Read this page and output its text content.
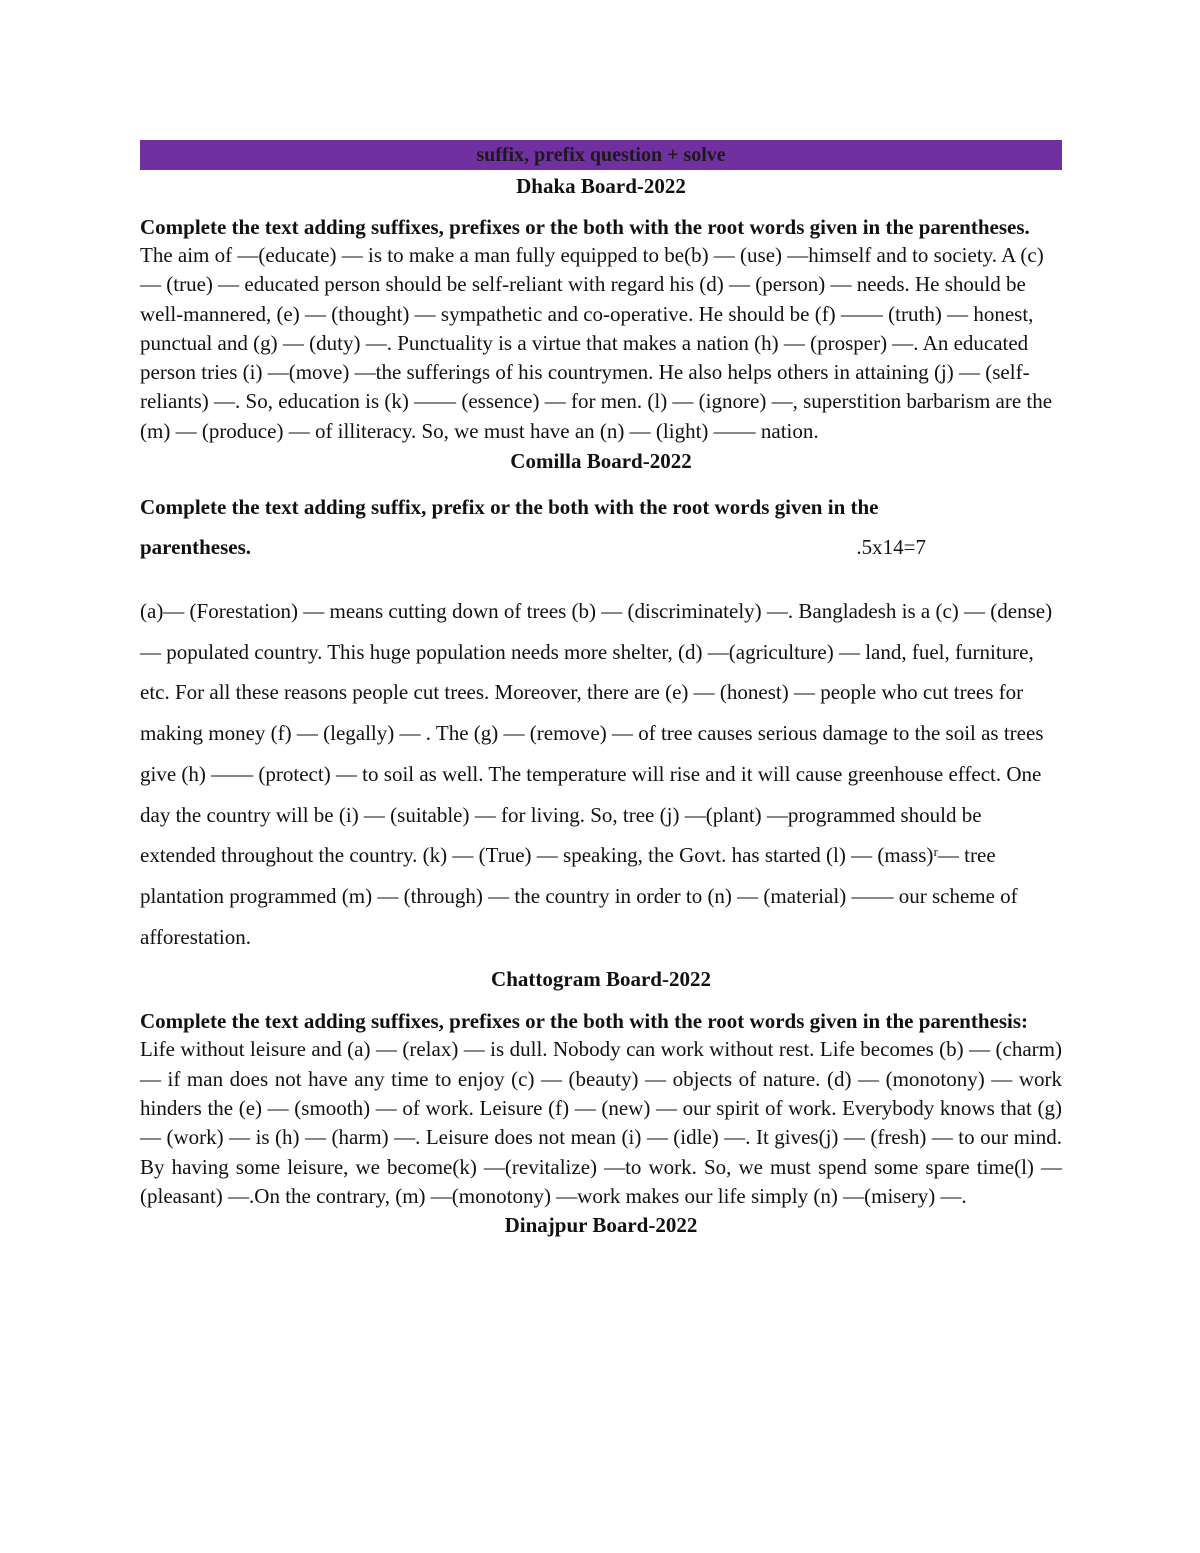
suffix, prefix question + solve
Dhaka Board-2022
Complete the text adding suffixes, prefixes or the both with the root words given in the parentheses.
The aim of —(educate) — is to make a man fully equipped to be(b) — (use) —himself and to society. A (c) — (true) — educated person should be self-reliant with regard his (d) — (person) — needs. He should be well-mannered, (e) — (thought) — sympathetic and co-operative. He should be (f) —— (truth) — honest, punctual and (g) — (duty) —. Punctuality is a virtue that makes a nation (h) — (prosper) —. An educated person tries (i) —(move) —the sufferings of his countrymen. He also helps others in attaining (j) — (self-reliants) —. So, education is (k) —— (essence) — for men. (l) — (ignore) —, superstition barbarism are the (m) — (produce) — of illiteracy. So, we must have an (n) — (light) —— nation.
Comilla Board-2022
Complete the text adding suffix, prefix or the both with the root words given in the
parentheses.	.5x14=7
(a)— (Forestation) — means cutting down of trees (b) — (discriminately) —. Bangladesh is a (c) — (dense) — populated country. This huge population needs more shelter, (d) —(agriculture) — land, fuel, furniture, etc. For all these reasons people cut trees. Moreover, there are (e) — (honest) — people who cut trees for making money (f) — (legally) — . The (g) — (remove) — of tree causes serious damage to the soil as trees give (h) —— (protect) — to soil as well. The temperature will rise and it will cause greenhouse effect. One day the country will be (i) — (suitable) — for living. So, tree (j) —(plant) —programmed should be extended throughout the country. (k) — (True) — speaking, the Govt. has started (l) — (mass)ʳ— tree plantation programmed (m) — (through) — the country in order to (n) — (material) —— our scheme of afforestation.
Chattogram Board-2022
Complete the text adding suffixes, prefixes or the both with the root words given in the parenthesis:
Life without leisure and (a) — (relax) — is dull. Nobody can work without rest. Life becomes (b) — (charm) — if man does not have any time to enjoy (c) — (beauty) — objects of nature. (d) — (monotony) — work hinders the (e) — (smooth) — of work. Leisure (f) — (new) — our spirit of work. Everybody knows that (g) — (work) — is (h) — (harm) —. Leisure does not mean (i) — (idle) —. It gives(j) — (fresh) — to our mind. By having some leisure, we become(k) —(revitalize) —to work. So, we must spend some spare time(l) —(pleasant) —.On the contrary, (m) —(monotony) —work makes our life simply (n) —(misery) —.
Dinajpur Board-2022
